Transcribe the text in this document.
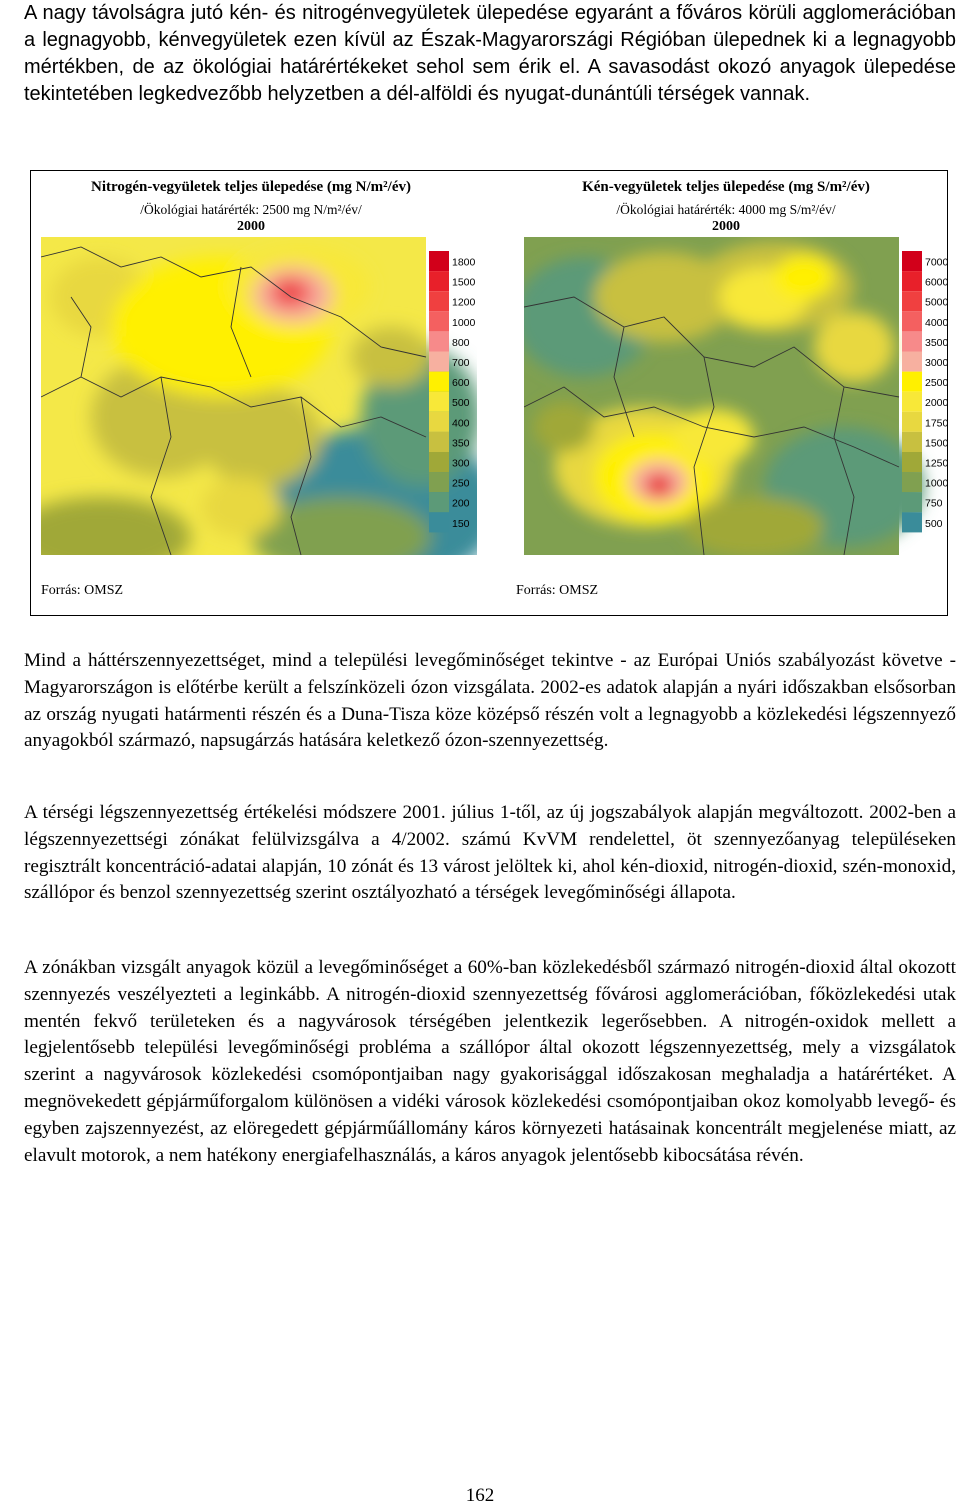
A nagy távolságra jutó kén- és nitrogénvegyületek ülepedése egyaránt a főváros körüli agglomerációban a legnagyobb, kénvegyületek ezen kívül az Észak-Magyarországi Régióban ülepednek ki a legnagyobb mértékben, de az ökológiai határértékeket sehol sem érik el. A savasodást okozó anyagok ülepedése tekintetében legkedvezőbb helyzetben a dél-alföldi és nyugat-dunántúli térségek vannak.

Nitrogén-vegyületek teljes ülepedése (mg N/m²/év)
/Ökológiai határérték: 2500 mg N/m²/év/
2000
1800
1500
1200
1000
800
700
600
500
400
350
300
250
200
150
Forrás: OMSZ
Kén-vegyületek teljes ülepedése (mg S/m²/év)
/Ökológiai határérték: 4000 mg S/m²/év/
2000
7000
6000
5000
4000
3500
3000
2500
2000
1750
1500
1250
1000
750
500
Forrás: OMSZ

Mind a háttérszennyezettséget, mind a települési levegőminőséget tekintve - az Európai Uniós szabályozást követve - Magyarországon is előtérbe került a felszínközeli ózon vizsgálata. 2002-es adatok alapján a nyári időszakban elsősorban az ország nyugati határmenti részén és a Duna-Tisza köze középső részén volt a legnagyobb a közlekedési légszennyező anyagokból származó, napsugárzás hatására keletkező ózon-szennyezettség.

A térségi légszennyezettség értékelési módszere 2001. július 1-től, az új jogszabályok alapján megváltozott. 2002-ben a légszennyezettségi zónákat felülvizsgálva a 4/2002. számú KvVM rendelettel, öt szennyezőanyag településeken regisztrált koncentráció-adatai alapján, 10 zónát és 13 várost jelöltek ki, ahol kén-dioxid, nitrogén-dioxid, szén-monoxid, szállópor és benzol szennyezettség szerint osztályozható a térségek levegőminőségi állapota.

A zónákban vizsgált anyagok közül a levegőminőséget a 60%-ban közlekedésből származó nitrogén-dioxid által okozott szennyezés veszélyezteti a leginkább. A nitrogén-dioxid szennyezettség fővárosi agglomerációban, főközlekedési utak mentén fekvő területeken és a nagyvárosok térségében jelentkezik legerősebben. A nitrogén-oxidok mellett a legjelentősebb települési levegőminőségi probléma a szállópor által okozott légszennyezettség, mely a vizsgálatok szerint a nagyvárosok közlekedési csomópontjaiban nagy gyakorisággal időszakosan meghaladja a határértéket. A megnövekedett gépjárműforgalom különösen a vidéki városok közlekedési csomópontjaiban okoz komolyabb levegő- és egyben zajszennyezést, az elöregedett gépjárműállomány káros környezeti hatásainak koncentrált megjelenése miatt, az elavult motorok, a nem hatékony energiafelhasználás, a káros anyagok jelentősebb kibocsátása révén.

162
